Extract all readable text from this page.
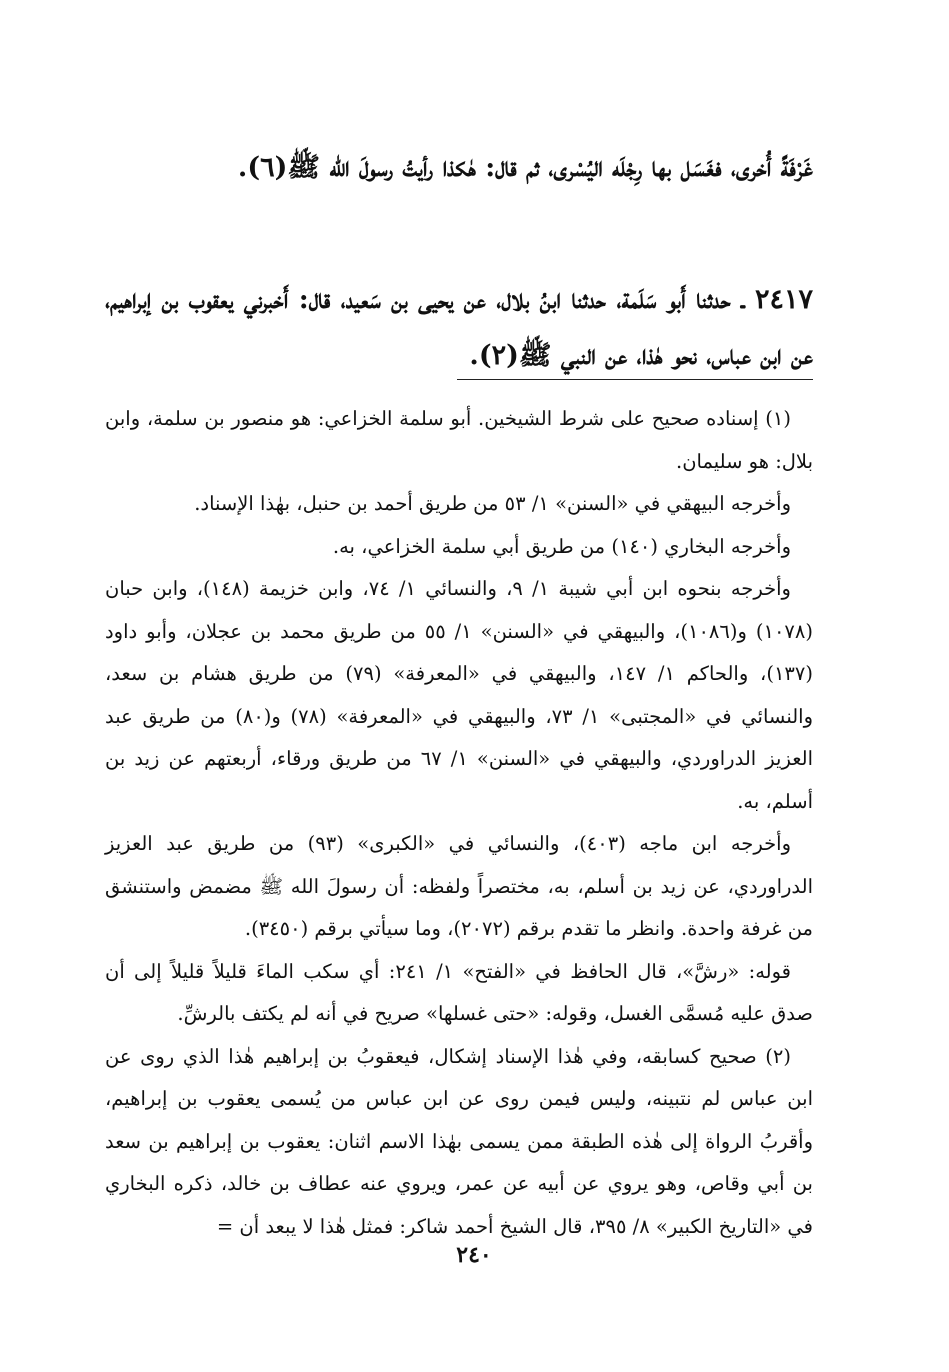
غَرْفَةً أُخرى، فغَسَل بها رِجْلَه اليُسْرى، ثم قال: هٰكذا رأيتُ رسولَ الله ﷺ(٦).

٢٤١٧ ـ حدثنا أَبو سَلَمة، حدثنا ابنُ بلال، عن يحيى بن سَعيد، قال: أَخبرني يعقوب بن إبراهيم، عن ابن عباس، نحو هٰذا، عن النبي ﷺ(٢).

(١) إسناده صحيح على شرط الشيخين. أبو سلمة الخزاعي: هو منصور بن سلمة، وابن بلال: هو سليمان.

وأخرجه البيهقي في «السنن» ١/ ٥٣ من طريق أحمد بن حنبل، بهٰذا الإسناد.

وأخرجه البخاري (١٤٠) من طريق أبي سلمة الخزاعي، به.

وأخرجه بنحوه ابن أبي شيبة ١/ ٩، والنسائي ١/ ٧٤، وابن خزيمة (١٤٨)، وابن حبان (١٠٧٨) و(١٠٨٦)، والبيهقي في «السنن» ١/ ٥٥ من طريق محمد بن عجلان، وأبو داود (١٣٧)، والحاكم ١/ ١٤٧، والبيهقي في «المعرفة» (٧٩) من طريق هشام بن سعد، والنسائي في «المجتبى» ١/ ٧٣، والبيهقي في «المعرفة» (٧٨) و(٨٠) من طريق عبد العزيز الدراوردي، والبيهقي في «السنن» ١/ ٦٧ من طريق ورقاء، أربعتهم عن زيد بن أسلم، به.

وأخرجه ابن ماجه (٤٠٣)، والنسائي في «الكبرى» (٩٣) من طريق عبد العزيز الدراوردي، عن زيد بن أسلم، به، مختصراً ولفظه: أن رسولَ الله ﷺ مضمض واستنشق من غرفة واحدة. وانظر ما تقدم برقم (٢٠٧٢)، وما سيأتي برقم (٣٤٥٠).

قوله: «رشَّ»، قال الحافظ في «الفتح» ١/ ٢٤١: أي سكب الماءَ قليلاً قليلاً إلى أن صدق عليه مُسمَّى الغسل، وقوله: «حتى غسلها» صريح في أنه لم يكتف بالرشِّ.

(٢) صحيح كسابقه، وفي هٰذا الإسناد إشكال، فيعقوبُ بن إبراهيم هٰذا الذي روى عن ابن عباس لم نتبينه، وليس فيمن روى عن ابن عباس من يُسمى يعقوب بن إبراهيم، وأقربُ الرواة إلى هٰذه الطبقة ممن يسمى بهٰذا الاسم اثنان: يعقوب بن إبراهيم بن سعد بن أبي وقاص، وهو يروي عن أبيه عن عمر، ويروي عنه عطاف بن خالد، ذكره البخاري في «التاريخ الكبير» ٨/ ٣٩٥، قال الشيخ أحمد شاكر: فمثل هٰذا لا يبعد أن =

٢٤٠
